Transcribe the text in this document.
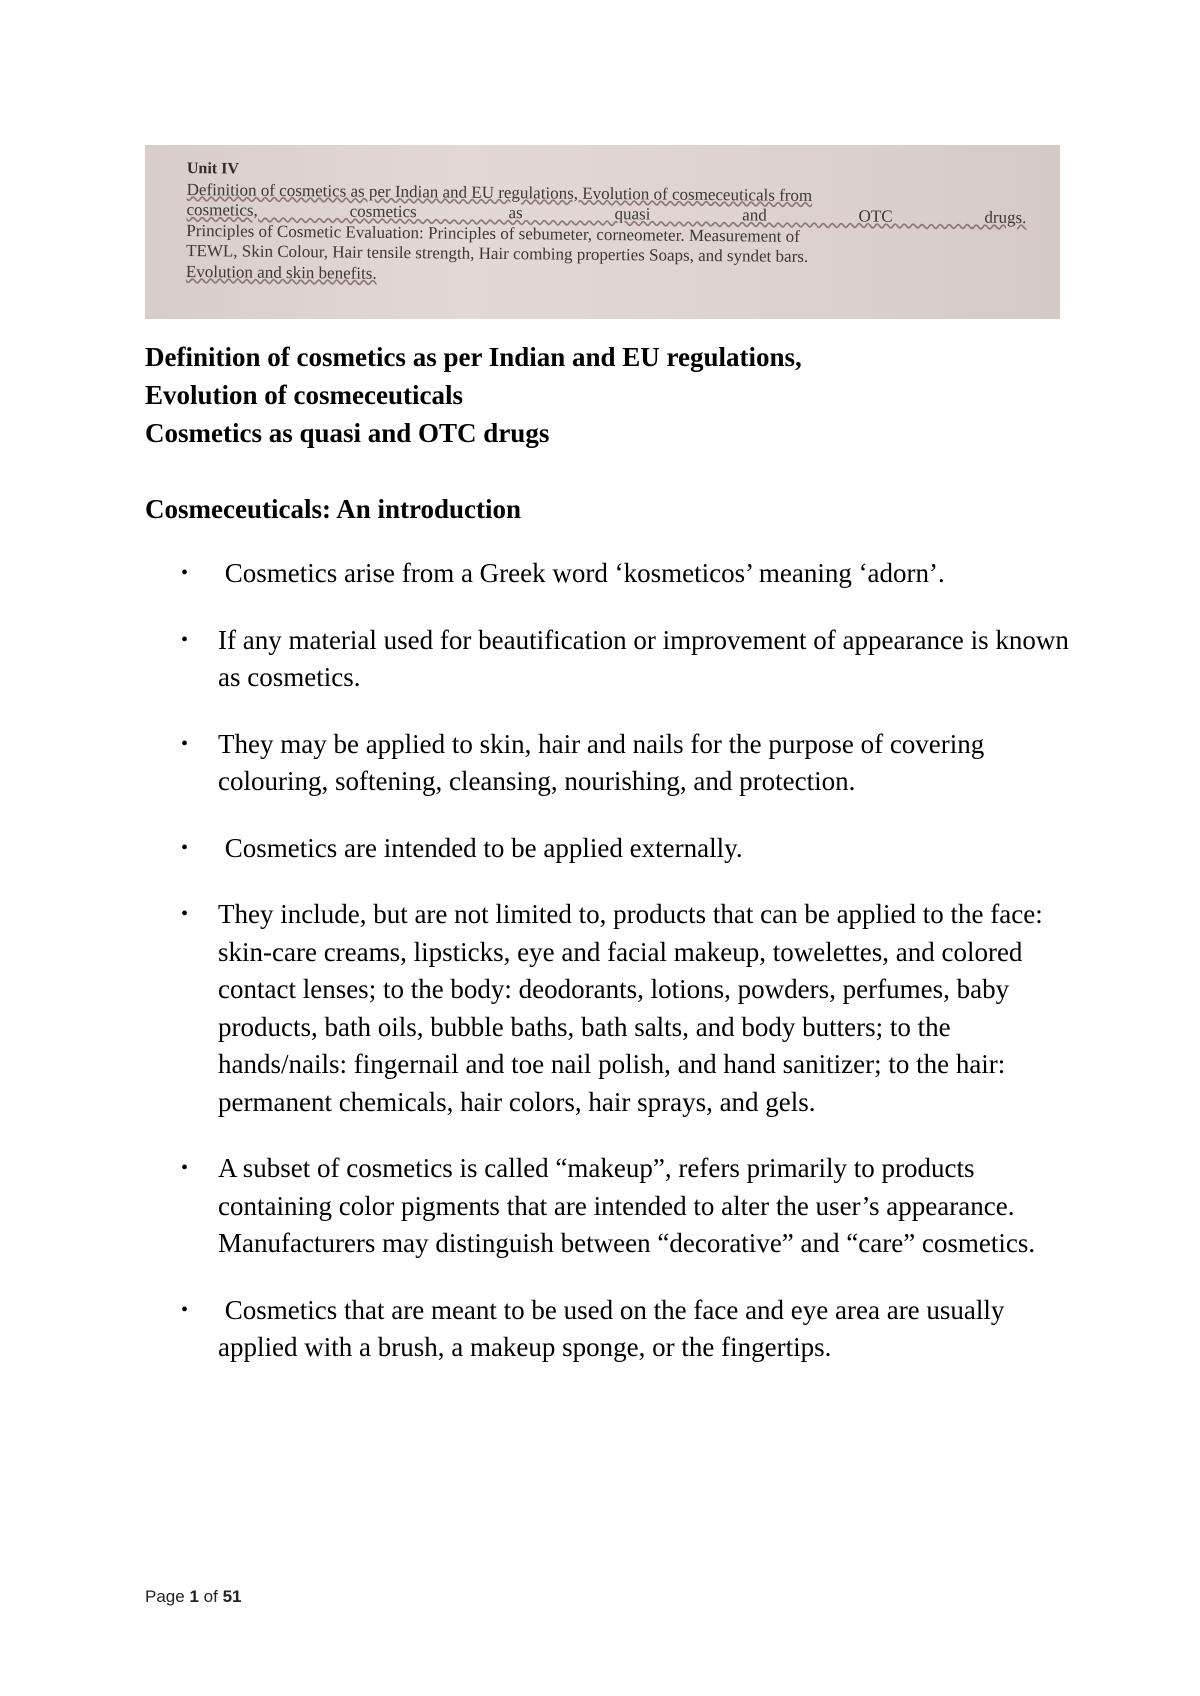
Unit IV
Definition of cosmetics as per Indian and EU regulations, Evolution of cosmeceuticals from
cosmetics, cosmetics as quasi and OTC drugs.
Principles of Cosmetic Evaluation: Principles of sebumeter, corneometer. Measurement of
TEWL, Skin Colour, Hair tensile strength, Hair combing properties Soaps, and syndet bars.
Evolution and skin benefits.
Definition of cosmetics as per Indian and EU regulations,
Evolution of cosmeceuticals
Cosmetics as quasi and OTC drugs
Cosmeceuticals: An introduction
• Cosmetics arise from a Greek word ‘kosmeticos’ meaning ‘adorn’.
• If any material used for beautification or improvement of appearance is known as cosmetics.
• They may be applied to skin, hair and nails for the purpose of covering colouring, softening, cleansing, nourishing, and protection.
• Cosmetics are intended to be applied externally.
• They include, but are not limited to, products that can be applied to the face: skin-care creams, lipsticks, eye and facial makeup, towelettes, and colored contact lenses; to the body: deodorants, lotions, powders, perfumes, baby products, bath oils, bubble baths, bath salts, and body butters; to the hands/nails: fingernail and toe nail polish, and hand sanitizer; to the hair: permanent chemicals, hair colors, hair sprays, and gels.
• A subset of cosmetics is called “makeup”, refers primarily to products containing color pigments that are intended to alter the user’s appearance. Manufacturers may distinguish between “decorative” and “care” cosmetics.
• Cosmetics that are meant to be used on the face and eye area are usually applied with a brush, a makeup sponge, or the fingertips.
Page 1 of 51
